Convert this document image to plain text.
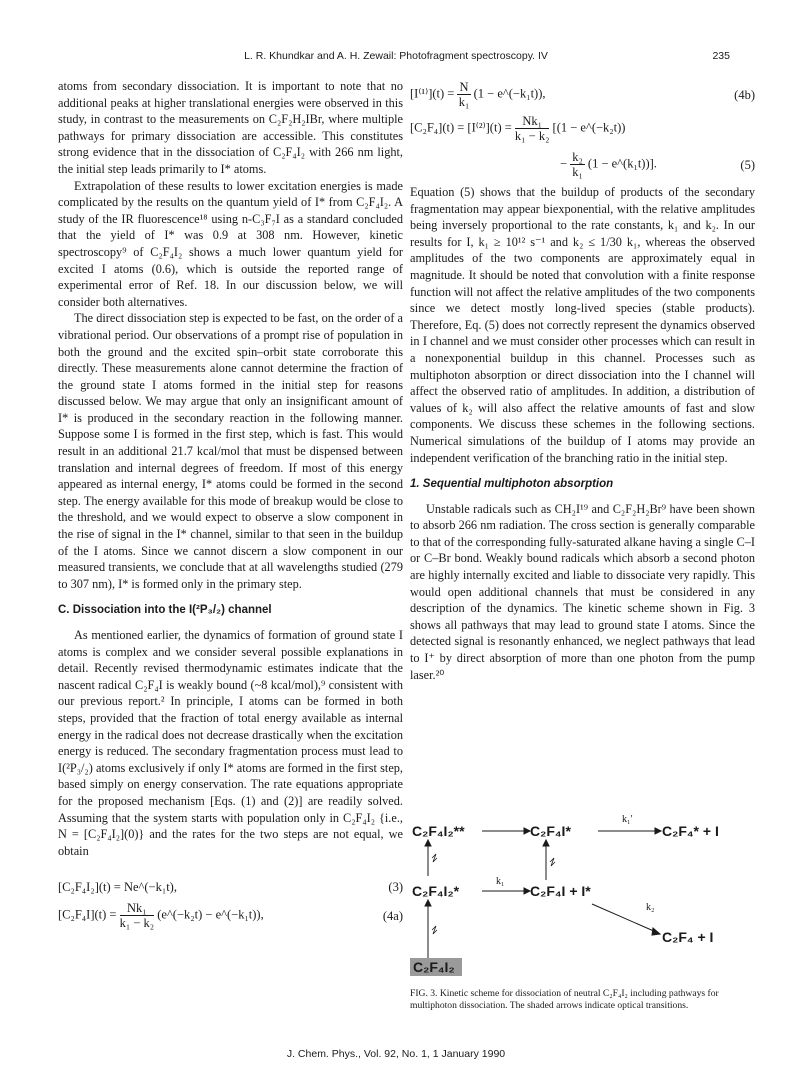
L. R. Khundkar and A. H. Zewail: Photofragment spectroscopy. IV	235

atoms from secondary dissociation. It is important to note that no additional peaks at higher translational energies were observed in this study, in contrast to the measurements on C₂F₂H₂IBr, where multiple pathways for primary dissociation are accessible. This constitutes strong evidence that in the dissociation of C₂F₄I₂ with 266 nm light, the initial step leads primarily to I* atoms.

Extrapolation of these results to lower excitation energies is made complicated by the results on the quantum yield of I* from C₂F₄I₂. A study of the IR fluorescence¹⁸ using n-C₃F₇I as a standard concluded that the yield of I* was 0.9 at 308 nm. However, kinetic spectroscopy⁹ of C₂F₄I₂ shows a much lower quantum yield for excited I atoms (0.6), which is outside the reported range of experimental error of Ref. 18. In our discussion below, we will consider both alternatives.

The direct dissociation step is expected to be fast, on the order of a vibrational period. Our observations of a prompt rise of population in both the ground and the excited spin–orbit state corroborate this directly. These measurements alone cannot determine the fraction of the ground state I atoms formed in the initial step for reasons discussed below. We may argue that only an insignificant amount of I* is produced in the secondary reaction in the following manner. Suppose some I is formed in the first step, which is fast. This would result in an additional 21.7 kcal/mol that must be dispensed between translation and internal degrees of freedom. If most of this energy appeared as internal energy, I* atoms could be formed in the second step. The energy available for this mode of breakup would be close to the threshold, and we would expect to observe a slow component in the rise of signal in the I* channel, similar to that seen in the buildup of the I atoms. Since we cannot discern a slow component in our measured transients, we conclude that at all wavelengths studied (279 to 307 nm), I* is formed only in the primary step.

C. Dissociation into the I(²P₃/₂) channel

As mentioned earlier, the dynamics of formation of ground state I atoms is complex and we consider several possible explanations in detail. Recently revised thermodynamic estimates indicate that the nascent radical C₂F₄I is weakly bound (~8 kcal/mol),⁹ consistent with our previous report.² In principle, I atoms can be formed in both steps, provided that the fraction of total energy available as internal energy in the radical does not decrease drastically when the excitation energy is reduced. The secondary fragmentation process must lead to I(²P₃/₂) atoms exclusively if only I* atoms are formed in the first step, based simply on energy conservation. The rate equations appropriate for the proposed mechanism [Eqs. (1) and (2)] are readily solved. Assuming that the system starts with population only in C₂F₄I₂ {i.e., N = [C₂F₄I₂](0)} and the rates for the two steps are not equal, we obtain

[C₂F₄I₂](t) = Ne^(−k₁t),	(3)
$[C_2F_4I](t) = \frac{\text{Nk₁}}{\text{k₁ − k₂}}$ (e^(−k₂t) − e^(−k₁t)),	(4a)
$[I^{(1)}](t) = \frac{N}{\text{k₁}} (1$ − e^(−k₁t)),	(4b)
$[C_2F_4](t) = [I^{(2)}](t) = \frac{\text{Nk₁}}{\text{k₁ − k₂}} [(1$ − e^(−k₂t))
− $\frac{\text{k₂}}{\text{k₁}} (1$ − e^(k₁t))].	(5)

Equation (5) shows that the buildup of products of the secondary fragmentation may appear biexponential, with the relative amplitudes being inversely proportional to the rate constants, k₁ and k₂. In our results for I, k₁ ≥ 10¹² s⁻¹ and k₂ ≤ 1/30 k₁, whereas the observed amplitudes of the two components are approximately equal in magnitude. It should be noted that convolution with a finite response function will not affect the relative amplitudes of the two components since we detect mostly long-lived species (stable products). Therefore, Eq. (5) does not correctly represent the dynamics observed in I channel and we must consider other processes which can result in a nonexponential buildup in this channel. Processes such as multiphoton absorption or direct dissociation into the I channel will affect the observed ratio of amplitudes. In addition, a distribution of values of k₂ will also affect the relative amounts of fast and slow components. We discuss these schemes in the following sections. Numerical simulations of the buildup of I atoms may provide an independent verification of the branching ratio in the initial step.

1. Sequential multiphoton absorption

Unstable radicals such as CH₂I¹⁹ and C₂F₂H₂Br⁹ have been shown to absorb 266 nm radiation. The cross section is generally comparable to that of the corresponding fully-saturated alkane having a single C–I or C–Br bond. Weakly bound radicals which absorb a second photon are highly internally excited and liable to dissociate very rapidly. This would open additional channels that must be considered in any description of the dynamics. The kinetic scheme shown in Fig. 3 shows all pathways that may lead to ground state I atoms. Since the detected signal is resonantly enhanced, we neglect pathways that lead to I⁺ by direct absorption of more than one photon from the pump laser.²⁰

C₂F₄I₂**	C₂F₄I*	C₂F₄* + I
C₂F₄I₂*	C₂F₄I + I*
C₂F₄ + I
k₁′
k₁
k₂
C₂F₄I₂
FIG. 3. Kinetic scheme for dissociation of neutral C₂F₄I₂ including pathways for multiphoton dissociation. The shaded arrows indicate optical transitions.
J. Chem. Phys., Vol. 92, No. 1, 1 January 1990
